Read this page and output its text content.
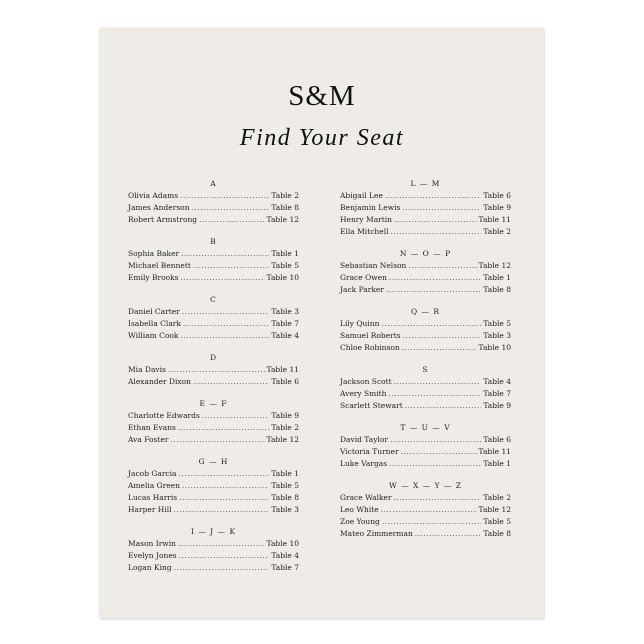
S&M
Find Your Seat
A
Olivia Adams .....	Table 2
James Anderson .....	Table 8
Robert Armstrong .....	Table 12
B
Sophia Baker .....	Table 1
Michael Bennett .....	Table 5
Emily Brooks .....	Table 10
C
Daniel Carter .....	Table 3
Isabella Clark .....	Table 7
William Cook .....	Table 4
D
Mia Davis .....	Table 11
Alexander Dixon .....	Table 6
E — F
Charlotte Edwards .....	Table 9
Ethan Evans .....	Table 2
Ava Foster .....	Table 12
G — H
Jacob Garcia .....	Table 1
Amelia Green .....	Table 5
Lucas Harris .....	Table 8
Harper Hill .....	Table 3
I — J — K
Mason Irwin .....	Table 10
Evelyn Jones .....	Table 4
Logan King .....	Table 7
L — M
Abigail Lee .....	Table 6
Benjamin Lewis .....	Table 9
Henry Martin .....	Table 11
Ella Mitchell .....	Table 2
N — O — P
Sebastian Nelson .....	Table 12
Grace Owen .....	Table 1
Jack Parker .....	Table 8
Q — R
Lily Quinn .....	Table 5
Samuel Roberts .....	Table 3
Chloe Robinson .....	Table 10
S
Jackson Scott .....	Table 4
Avery Smith .....	Table 7
Scarlett Stewart .....	Table 9
T — U — V
David Taylor .....	Table 6
Victoria Turner .....	Table 11
Luke Vargas .....	Table 1
W — X — Y — Z
Grace Walker .....	Table 2
Leo White .....	Table 12
Zoe Young .....	Table 5
Mateo Zimmerman .....	Table 8
